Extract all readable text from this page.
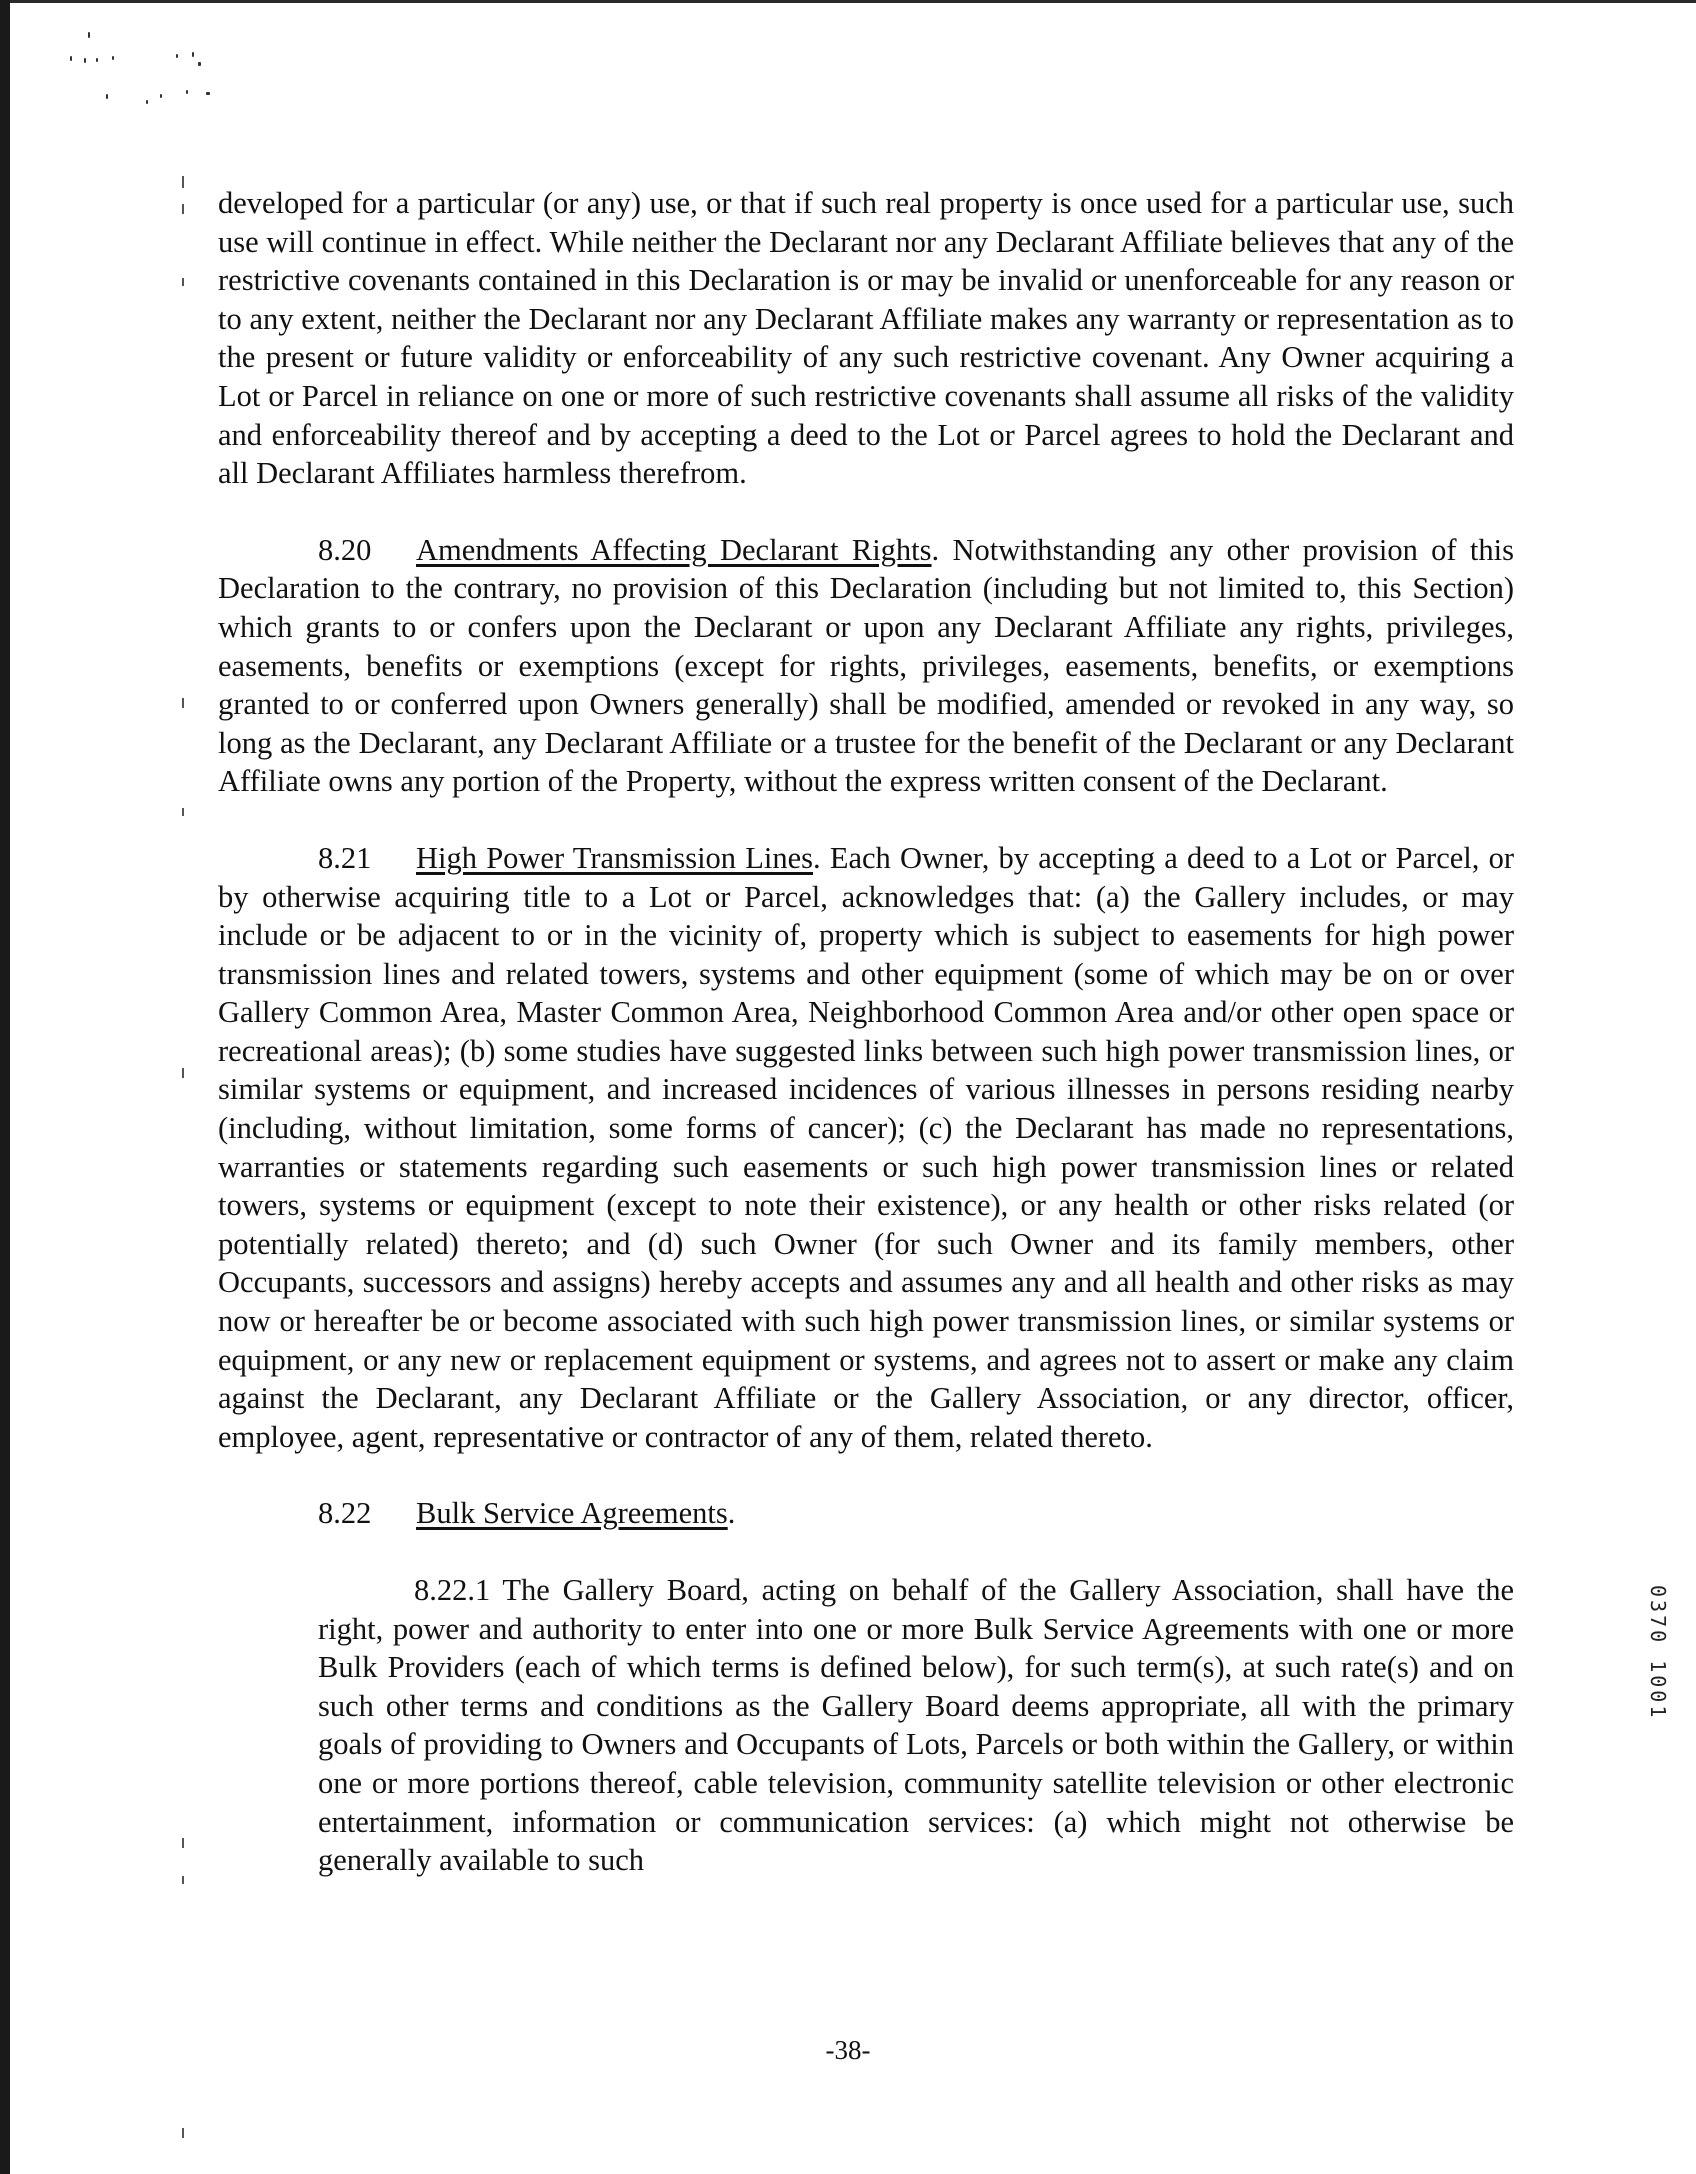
developed for a particular (or any) use, or that if such real property is once used for a particular use, such use will continue in effect. While neither the Declarant nor any Declarant Affiliate believes that any of the restrictive covenants contained in this Declaration is or may be invalid or unenforceable for any reason or to any extent, neither the Declarant nor any Declarant Affiliate makes any warranty or representation as to the present or future validity or enforceability of any such restrictive covenant. Any Owner acquiring a Lot or Parcel in reliance on one or more of such restrictive covenants shall assume all risks of the validity and enforceability thereof and by accepting a deed to the Lot or Parcel agrees to hold the Declarant and all Declarant Affiliates harmless therefrom.

8.20 Amendments Affecting Declarant Rights. Notwithstanding any other provision of this Declaration to the contrary, no provision of this Declaration (including but not limited to, this Section) which grants to or confers upon the Declarant or upon any Declarant Affiliate any rights, privileges, easements, benefits or exemptions (except for rights, privileges, easements, benefits, or exemptions granted to or conferred upon Owners generally) shall be modified, amended or revoked in any way, so long as the Declarant, any Declarant Affiliate or a trustee for the benefit of the Declarant or any Declarant Affiliate owns any portion of the Property, without the express written consent of the Declarant.

8.21 High Power Transmission Lines. Each Owner, by accepting a deed to a Lot or Parcel, or by otherwise acquiring title to a Lot or Parcel, acknowledges that: (a) the Gallery includes, or may include or be adjacent to or in the vicinity of, property which is subject to easements for high power transmission lines and related towers, systems and other equipment (some of which may be on or over Gallery Common Area, Master Common Area, Neighborhood Common Area and/or other open space or recreational areas); (b) some studies have suggested links between such high power transmission lines, or similar systems or equipment, and increased incidences of various illnesses in persons residing nearby (including, without limitation, some forms of cancer); (c) the Declarant has made no representations, warranties or statements regarding such easements or such high power transmission lines or related towers, systems or equipment (except to note their existence), or any health or other risks related (or potentially related) thereto; and (d) such Owner (for such Owner and its family members, other Occupants, successors and assigns) hereby accepts and assumes any and all health and other risks as may now or hereafter be or become associated with such high power transmission lines, or similar systems or equipment, or any new or replacement equipment or systems, and agrees not to assert or make any claim against the Declarant, any Declarant Affiliate or the Gallery Association, or any director, officer, employee, agent, representative or contractor of any of them, related thereto.

8.22 Bulk Service Agreements.

8.22.1 The Gallery Board, acting on behalf of the Gallery Association, shall have the right, power and authority to enter into one or more Bulk Service Agreements with one or more Bulk Providers (each of which terms is defined below), for such term(s), at such rate(s) and on such other terms and conditions as the Gallery Board deems appropriate, all with the primary goals of providing to Owners and Occupants of Lots, Parcels or both within the Gallery, or within one or more portions thereof, cable television, community satellite television or other electronic entertainment, information or communication services: (a) which might not otherwise be generally available to such

-38-
0370 1001
